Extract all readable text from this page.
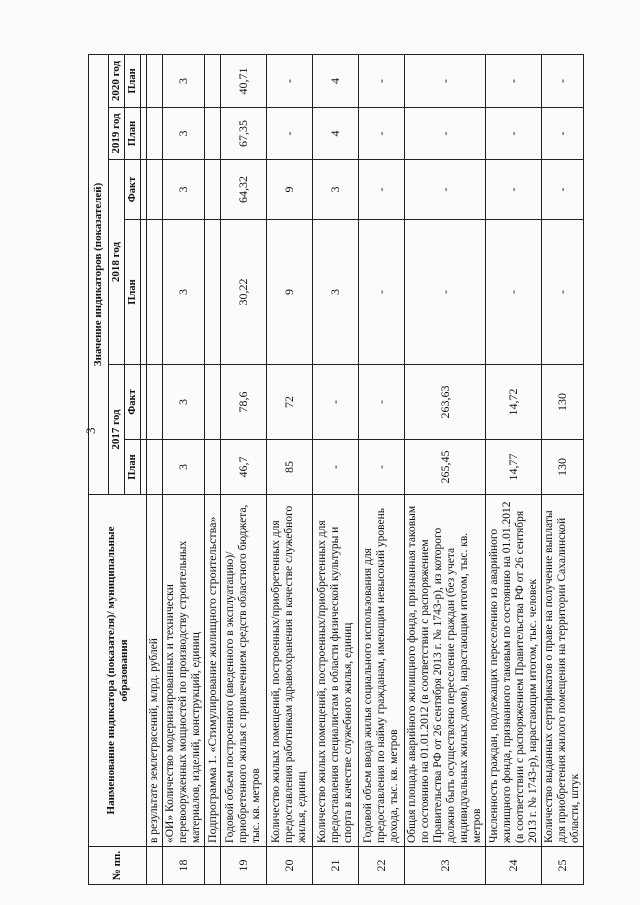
3
№ пп.	Наименование индикатора (показателя)/ муниципальные образования	Значение индикаторов (показателей)					
		2017 год		2018 год		2019 год	2020 год
		План	Факт	План	Факт	План	План

	в результате землетрясений, млрд. рублей						
18	«ОИ» Количество модернизированных и технически перевооруженных мощностей по производству строительных материалов, изделий, конструкций, единиц	3	3	3	3	3	3
	Подпрограмма 1. «Стимулирование жилищного строительства»						
19	Годовой объем построенного (введенного в эксплуатацию)/приобретенного жилья с привлечением средств областного бюджета, тыс. кв. метров	46,7	78,6	30,22	64,32	67,35	40,71
20	Количество жилых помещений, построенных/приобретенных для предоставления работникам здравоохранения в качестве служебного жилья, единиц	85	72	9	9	-	-
21	Количество жилых помещений, построенных/приобретенных для предоставления специалистам в области физической культуры и спорта в качестве служебного жилья, единиц	-	-	3	3	4	4
22	Годовой объем ввода жилья социального использования для предоставления по найму гражданам, имеющим невысокий уровень дохода, тыс. кв. метров	-	-	-	-	-	-
23	Общая площадь аварийного жилищного фонда, признанная таковым по состоянию на 01.01.2012 (в соответствии с распоряжением Правительства РФ от 26 сентября 2013 г. № 1743-р), из которого должно быть осуществлено переселение граждан (без учета индивидуальных жилых домов), нарастающим итогом, тыс. кв. метров	265,45	263,63	-	-	-	-
24	Численность граждан, подлежащих переселению из аварийного жилищного фонда, признанного таковым по состоянию на 01.01.2012 (в соответствии с распоряжением Правительства РФ от 26 сентября 2013 г. № 1743-р), нарастающим итогом, тыс. человек	14,77	14,72	-	-	-	-
25	Количество выданных сертификатов о праве на получение выплаты для приобретения жилого помещения на территории Сахалинской области, штук	130	130	-	-	-	-
